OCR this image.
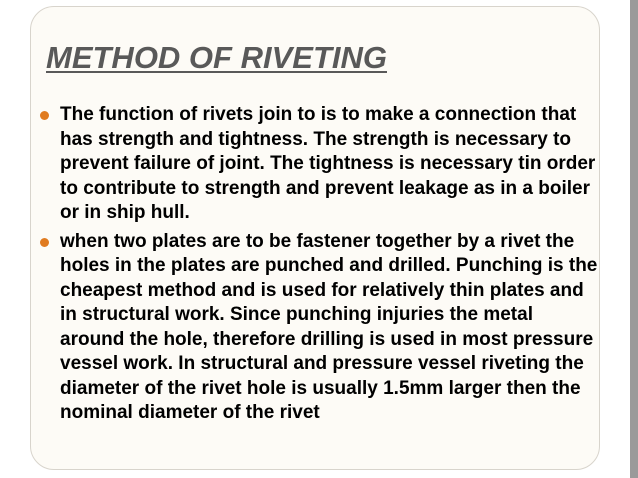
METHOD OF RIVETING
The function of rivets join to is to make a connection that has strength and tightness. The strength is necessary to prevent failure of joint. The tightness is necessary tin order to contribute to strength and prevent leakage as in a boiler or in ship hull.
when two plates are to be fastener together by a rivet the holes in the plates are punched and drilled. Punching is the cheapest method and is used for relatively thin plates and in structural work. Since punching injuries the metal around the hole, therefore drilling is used in most pressure vessel work. In structural and pressure vessel riveting the diameter of the rivet hole is usually 1.5mm larger then the nominal diameter of the rivet
